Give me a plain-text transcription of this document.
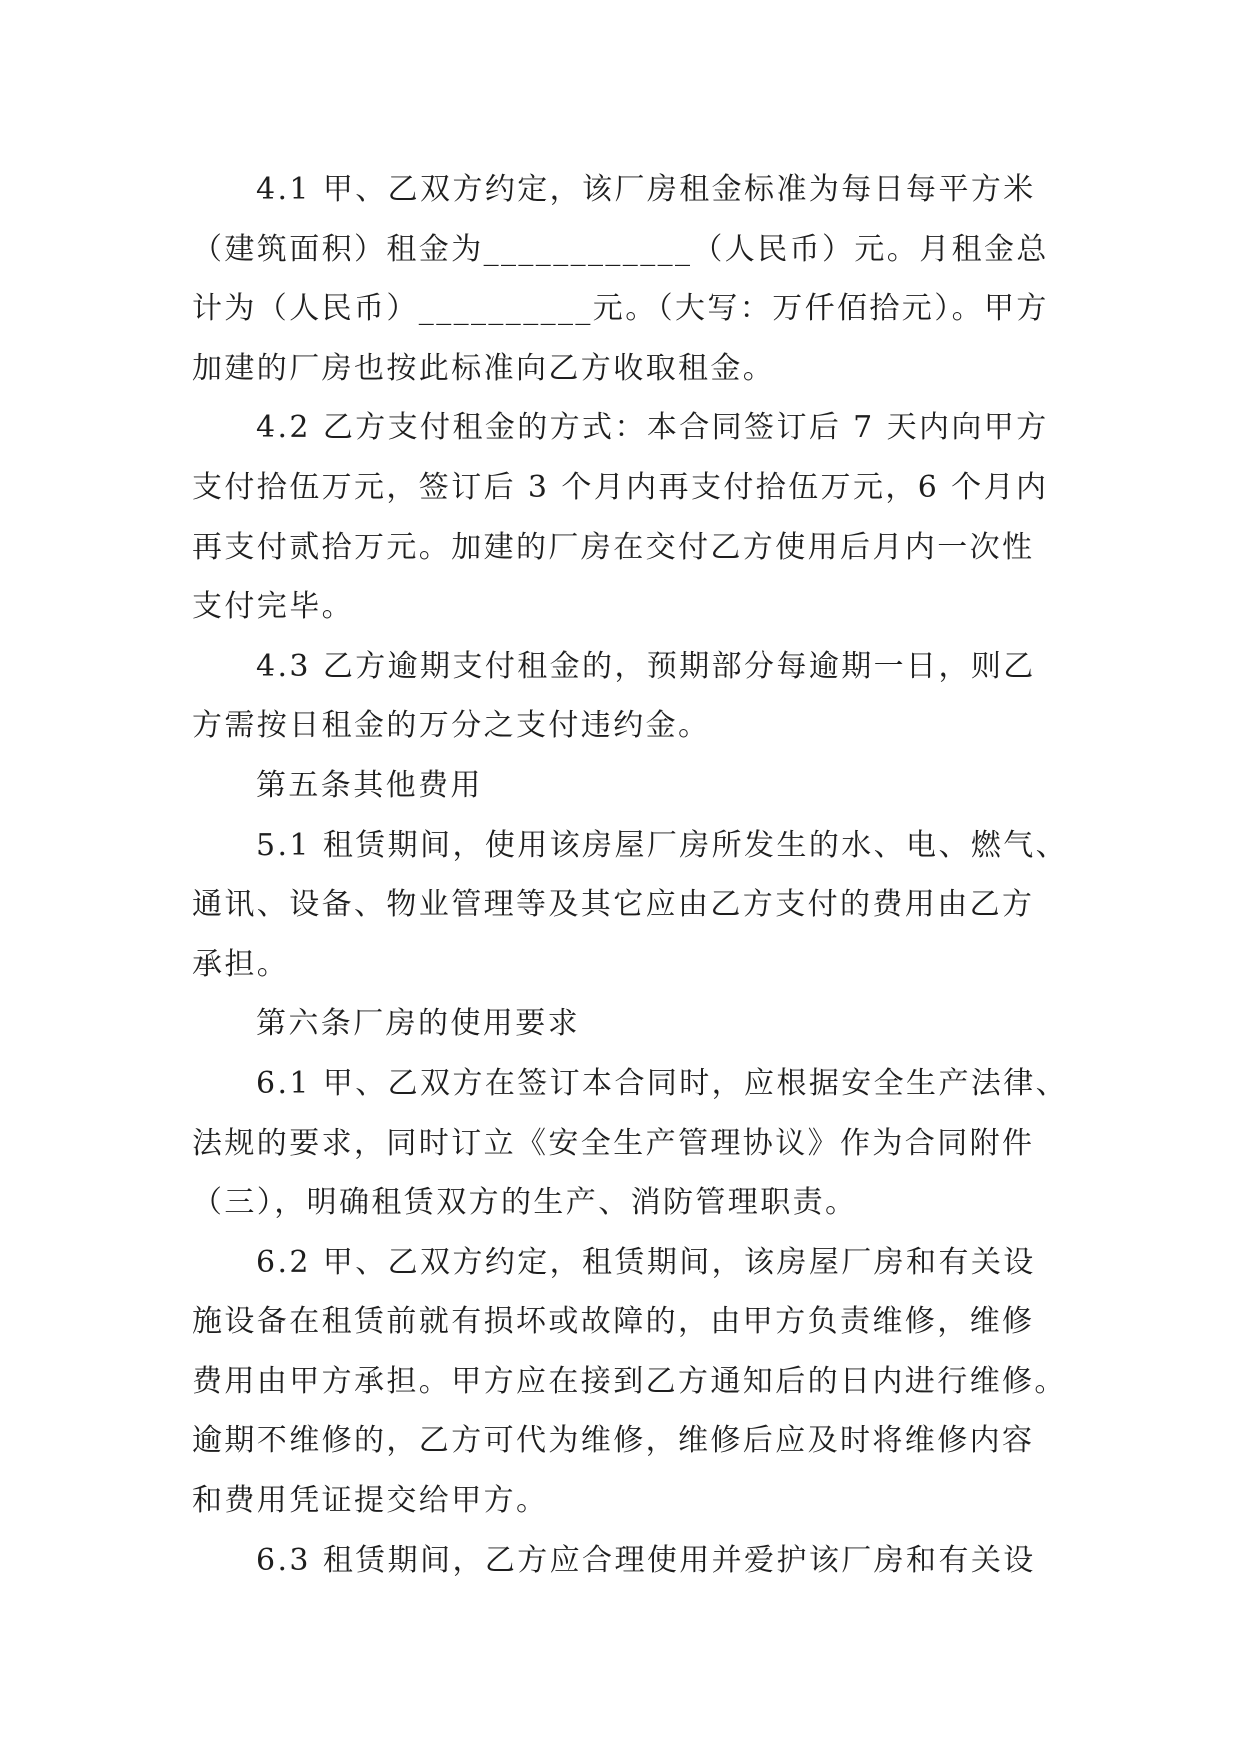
4.1 甲、乙双方约定，该厂房租金标准为每日每平方米
（建筑面积）租金为____________（人民币）元。月租金总
计为（人民币）__________元。（大写：万仟佰拾元）。甲方
加建的厂房也按此标准向乙方收取租金。
4.2 乙方支付租金的方式：本合同签订后 7 天内向甲方
支付拾伍万元，签订后 3 个月内再支付拾伍万元，6 个月内
再支付贰拾万元。加建的厂房在交付乙方使用后月内一次性
支付完毕。
4.3 乙方逾期支付租金的，预期部分每逾期一日，则乙
方需按日租金的万分之支付违约金。
第五条其他费用
5.1 租赁期间，使用该房屋厂房所发生的水、电、燃气、
通讯、设备、物业管理等及其它应由乙方支付的费用由乙方
承担。
第六条厂房的使用要求
6.1 甲、乙双方在签订本合同时，应根据安全生产法律、
法规的要求，同时订立《安全生产管理协议》作为合同附件
（三），明确租赁双方的生产、消防管理职责。
6.2 甲、乙双方约定，租赁期间，该房屋厂房和有关设
施设备在租赁前就有损坏或故障的，由甲方负责维修，维修
费用由甲方承担。甲方应在接到乙方通知后的日内进行维修。
逾期不维修的，乙方可代为维修，维修后应及时将维修内容
和费用凭证提交给甲方。
6.3 租赁期间，乙方应合理使用并爱护该厂房和有关设
